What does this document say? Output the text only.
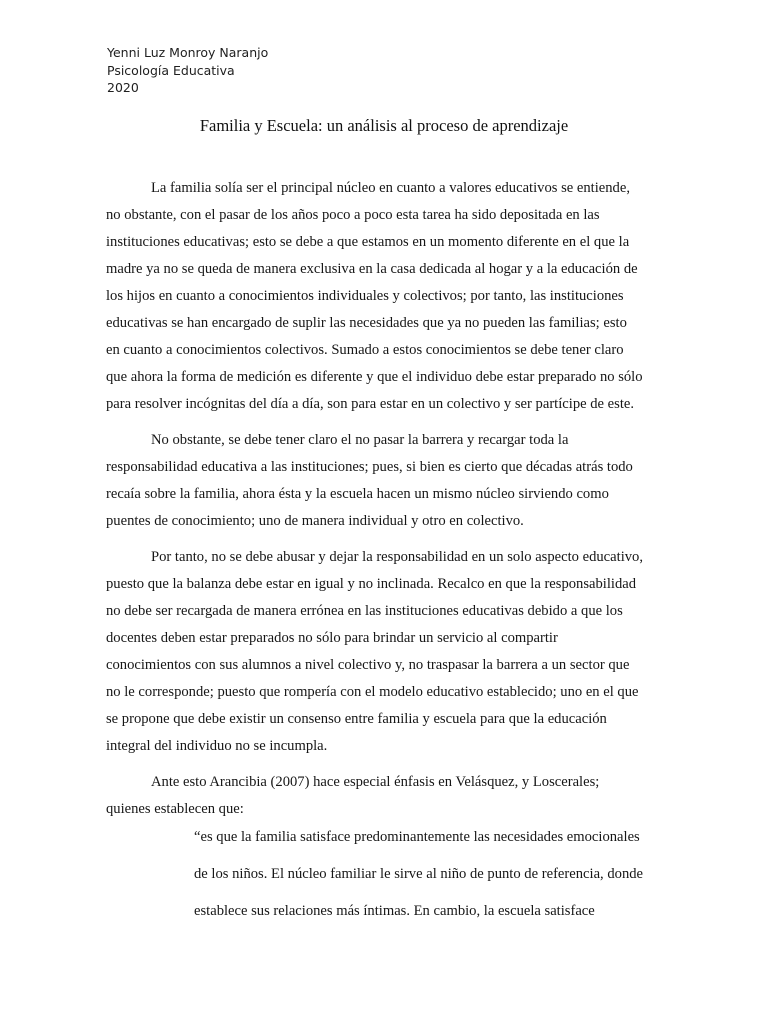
Yenni Luz Monroy Naranjo
Psicología Educativa
2020
Familia y Escuela: un análisis al proceso de aprendizaje
La familia solía ser el principal núcleo en cuanto a valores educativos se entiende,
no obstante, con el pasar de los años poco a poco esta tarea ha sido depositada en las
instituciones educativas; esto se debe a que estamos en un momento diferente en el que la
madre ya no se queda de manera exclusiva en la casa dedicada al hogar y a la educación de
los hijos en cuanto a conocimientos individuales y colectivos; por tanto, las instituciones
educativas se han encargado de suplir las necesidades que ya no pueden las familias; esto
en cuanto a conocimientos colectivos. Sumado a estos conocimientos se debe tener claro
que ahora la forma de medición es diferente y que el individuo debe estar preparado no sólo
para resolver incógnitas del día a día, son para estar en un colectivo y ser partícipe de este.
No obstante, se debe tener claro el no pasar la barrera y recargar toda la
responsabilidad educativa a las instituciones; pues, si bien es cierto que décadas atrás todo
recaía sobre la familia, ahora ésta y la escuela hacen un mismo núcleo sirviendo como
puentes de conocimiento; uno de manera individual y otro en colectivo.
Por tanto, no se debe abusar y dejar la responsabilidad en un solo aspecto educativo,
puesto que la balanza debe estar en igual y no inclinada. Recalco en que la responsabilidad
no debe ser recargada de manera errónea en las instituciones educativas debido a que los
docentes deben estar preparados no sólo para brindar un servicio al compartir
conocimientos con sus alumnos a nivel colectivo y, no traspasar la barrera a un sector que
no le corresponde; puesto que rompería con el modelo educativo establecido; uno en el que
se propone que debe existir un consenso entre familia y escuela para que la educación
integral del individuo no se incumpla.
Ante esto Arancibia (2007) hace especial énfasis en Velásquez, y Loscerales;
quienes establecen que:
“es que la familia satisface predominantemente las necesidades emocionales
de los niños. El núcleo familiar le sirve al niño de punto de referencia, donde
establece sus relaciones más íntimas. En cambio, la escuela satisface
